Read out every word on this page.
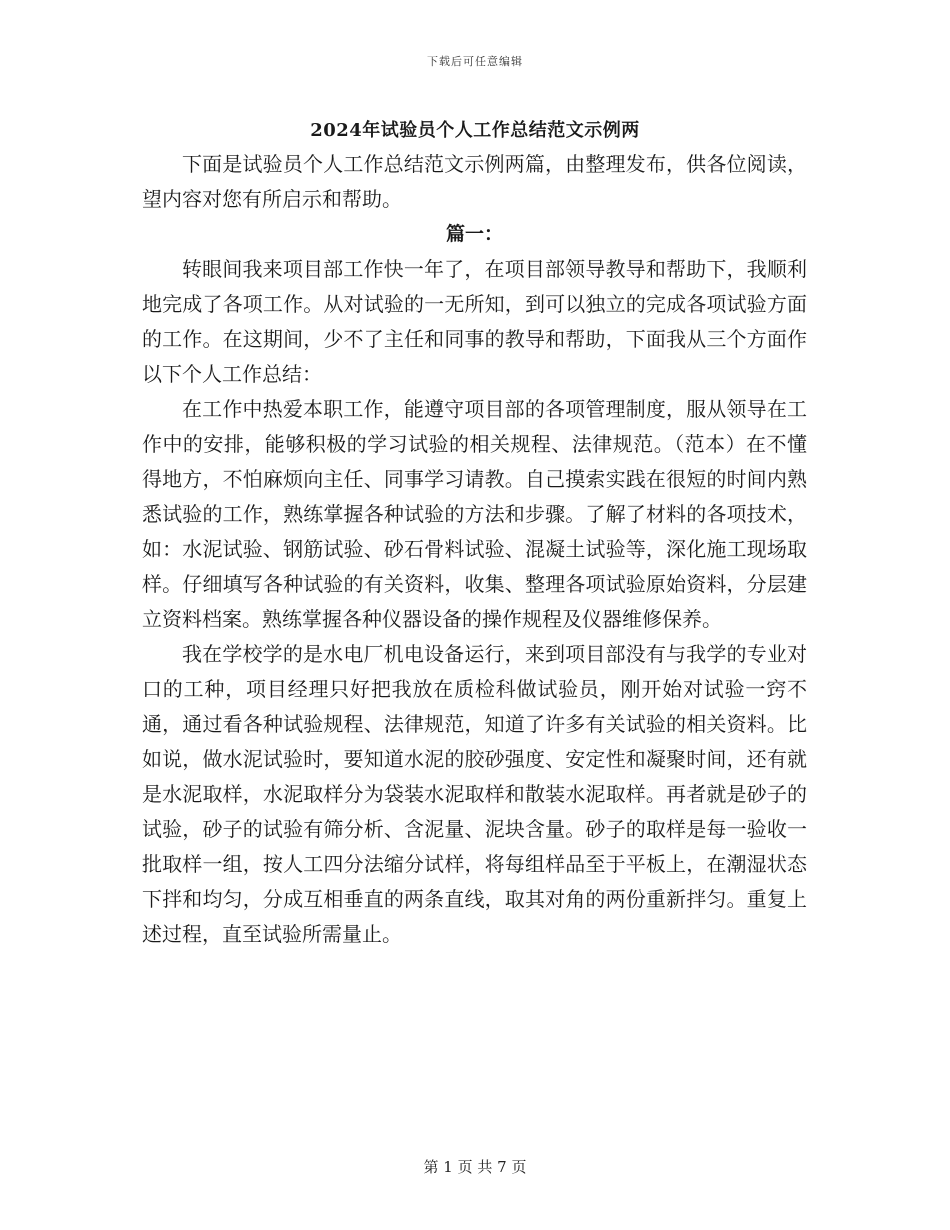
下载后可任意编辑
2024年试验员个人工作总结范文示例两

下面是试验员个人工作总结范文示例两篇，由整理发布，供各位阅读，望内容对您有所启示和帮助。

篇一：

转眼间我来项目部工作快一年了，在项目部领导教导和帮助下，我顺利地完成了各项工作。从对试验的一无所知，到可以独立的完成各项试验方面的工作。在这期间，少不了主任和同事的教导和帮助，下面我从三个方面作以下个人工作总结：

在工作中热爱本职工作，能遵守项目部的各项管理制度，服从领导在工作中的安排，能够积极的学习试验的相关规程、法律规范。（范本）在不懂得地方，不怕麻烦向主任、同事学习请教。自己摸索实践在很短的时间内熟悉试验的工作，熟练掌握各种试验的方法和步骤。了解了材料的各项技术，如：水泥试验、钢筋试验、砂石骨料试验、混凝土试验等，深化施工现场取样。仔细填写各种试验的有关资料，收集、整理各项试验原始资料，分层建立资料档案。熟练掌握各种仪器设备的操作规程及仪器维修保养。

我在学校学的是水电厂机电设备运行，来到项目部没有与我学的专业对口的工种，项目经理只好把我放在质检科做试验员，刚开始对试验一窍不通，通过看各种试验规程、法律规范，知道了许多有关试验的相关资料。比如说，做水泥试验时，要知道水泥的胶砂强度、安定性和凝聚时间，还有就是水泥取样，水泥取样分为袋装水泥取样和散装水泥取样。再者就是砂子的试验，砂子的试验有筛分析、含泥量、泥块含量。砂子的取样是每一验收一批取样一组，按人工四分法缩分试样，将每组样品至于平板上，在潮湿状态下拌和均匀，分成互相垂直的两条直线，取其对角的两份重新拌匀。重复上述过程，直至试验所需量止。

第 1 页 共 7 页
